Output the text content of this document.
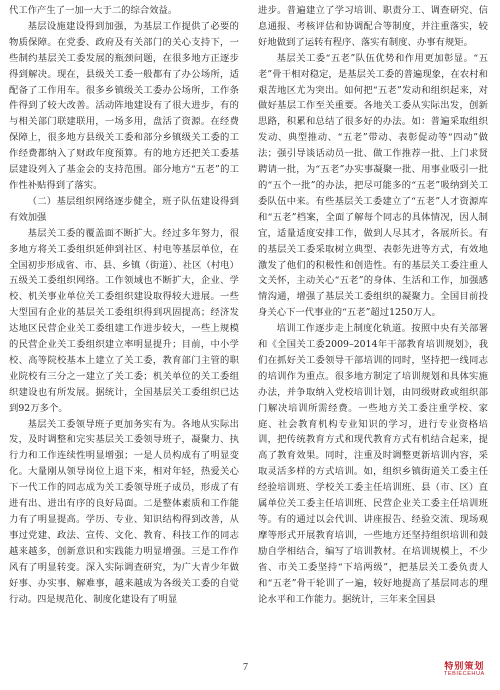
代工作产生了一加一大于二的综合效益。

基层设施建设得到加强，为基层工作提供了必要的物质保障。在党委、政府及有关部门的关心支持下，一些制约基层关工委发展的瓶颈问题，在很多地方正逐步得到解决。现在，县级关工委一般都有了办公场所，适配备了工作用车。很多乡镇级关工委办公场所，工作条件得到了较大改善。活动阵地建设有了很大进步，有的与相关部门联建联用，一场多用，盘活了资源。在经费保障上，很多地方县级关工委和部分乡镇级关工委的工作经费都纳入了财政年度预算。有的地方还把关工委基层建设列入了基金会的支持范围。部分地方“五老”的工作性补贴得到了落实。

（二）基层组织网络逐步健全，班子队伍建设得到有效加强

基层关工委的覆盖面不断扩大。经过多年努力，很多地方将关工委组织延伸到社区、村电等基层单位，在全国初步形成省、市、县、乡镇（街道）、社区（村电）五级关工委组织网络。工作领域也不断扩大，企业、学校、机关事业单位关工委组织建设取得较大进展。一些大型国有企业的基层关工委组织得到巩固提高；经济发达地区民营企业关工委组建工作进步较大，一些上规模的民营企业关工委组织建立率明显提升；目前，中小学校、高等院校基本上建立了关工委，教育部门主管的职业院校有三分之一建立了关工委；机关单位的关工委组织建设也有所发展。据统计，全国基层关工委组织已达到92万多个。

基层关工委领导班子更加务实有为。各地从实际出发，及时调整和完实基层关工委领导班子，凝聚力、执行力和工作连续性明显增强；一是人员构成有了明显变化。大量刚从领导岗位上退下来，相对年轻，热爱关心下一代工作的同志成为关工委领导班子成员，形成了有进有出、进出有序的良好局面。二是整体素质和工作能力有了明显提高。学历、专业、知识结构得到改善，从事过党建、政法、宣传、文化、教育、科技工作的同志越来越多，创新意识和实践能力明显增强。三是工作作风有了明显转变。深入实际调查研究，为广大青少年做好事、办实事、解难事，越来越成为各级关工委的自觉行动。四是规范化、制度化建设有了明显

进步。普遍建立了学习培训、职责分工、调查研究、信息通报、考核评估和协调配合等制度，并注重落实，较好地做到了运转有程序、落实有制度、办事有规矩。

基层关工委“五老”队伍优势和作用更加彰显。“五老”骨干相对稳定，是基层关工委的普遍现象，在农村和艰苦地区尤为突出。如何把“五老”发动和组织起来，对做好基层工作至关重要。各地关工委从实际出发，创新思路，积累和总结了很多好的办法。如：普遍采取组织发动、典型推动、“五老”带动、表彰促动等“四动”做法；强引导谈话动员一批、做工作推荐一批、上门求贤聘请一批，为“五老”办实事凝聚一批、用事业吸引一批的“五个一批”的办法，把尽可能多的“五老”吸纳到关工委队伍中来。有些基层关工委建立了“五老”人才资源库和“五老”档案，全面了解每个同志的具体情况，因人制宜，适量适度安排工作，做到人尽其才，各展所长。有的基层关工委采取树立典型、表彰先进等方式，有效地激发了他们的积极性和创造性。有的基层关工委注重人文关怀，主动关心“五老”的身体、生活和工作，加强感情沟通，增强了基层关工委组织的凝聚力。全国目前投身关心下一代事业的“五老”超过1250万人。

培训工作逐步走上制度化轨道。按照中央有关部署和《全国关工委2009–2014年干部教育培训规划》，我们在抓好关工委领导干部培训的同时，坚持把一线同志的培训作为重点。很多地方制定了培训规划和具体实施办法，并争取纳入党校培训计划，由同级财政或组织部门解决培训所需经费。一些地方关工委注重学校、家庭、社会教育机构专业知识的学习，进行专业资格培训，把传统教育方式和现代教育方式有机结合起来，提高了教育效果。同时，注重及时调整更新培训内容，采取灵活多样的方式培训。如，组织乡镇街道关工委主任经验培训班、学校关工委主任培训班、县（市、区）直属单位关工委主任培训班、民营企业关工委主任培训班等。有的通过以会代训、讲座报告、经验交流、现场观摩等形式开展教育培训，一些地方还坚持组织培训和鼓励自学相结合，编写了培训教材。在培训规模上，不少省、市关工委坚持“下培两级”，把基层关工委负责人和“五老”骨干轮训了一遍，较好地提高了基层同志的理论水平和工作能力。据统计，三年来全国县

7	特别策划
TEBIECEHUA
